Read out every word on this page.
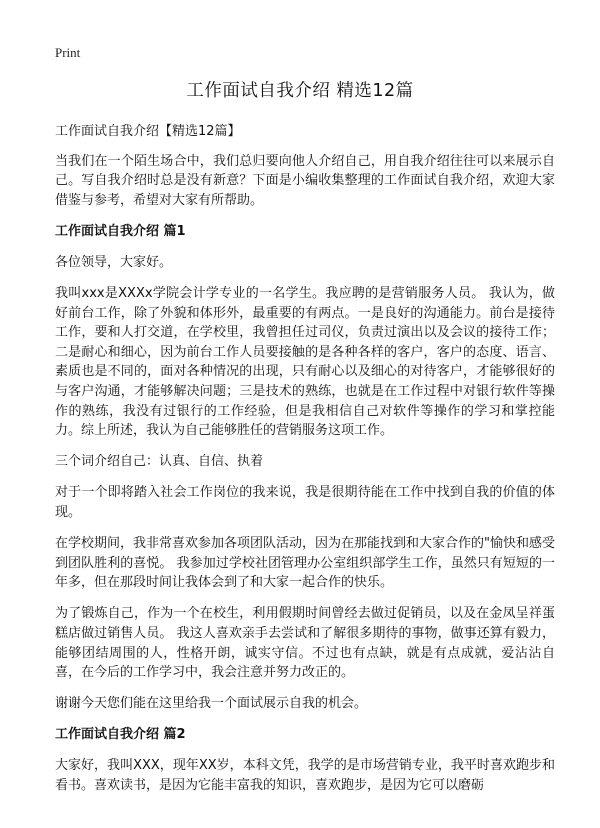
Print
工作面试自我介绍 精选12篇

工作面试自我介绍【精选12篇】

当我们在一个陌生场合中，我们总归要向他人介绍自己，用自我介绍往往可以来展示自己。写自我介绍时总是没有新意？下面是小编收集整理的工作面试自我介绍，欢迎大家借鉴与参考，希望对大家有所帮助。

工作面试自我介绍 篇1

各位领导，大家好。

我叫xxx是XXXx学院会计学专业的一名学生。我应聘的是营销服务人员。 我认为，做好前台工作，除了外貌和体形外，最重要的有两点。一是良好的沟通能力。前台是接待工作，要和人打交道，在学校里，我曾担任过司仪，负责过演出以及会议的接待工作；二是耐心和细心，因为前台工作人员要接触的是各种各样的客户，客户的态度、语言、素质也是不同的，面对各种情况的出现，只有耐心以及细心的对待客户，才能够很好的与客户沟通，才能够解决问题；三是技术的熟练，也就是在工作过程中对银行软件等操作的熟练，我没有过银行的工作经验，但是我相信自己对软件等操作的学习和掌控能力。综上所述，我认为自己能够胜任的营销服务这项工作。

三个词介绍自己：认真、自信、执着

对于一个即将踏入社会工作岗位的我来说，我是很期待能在工作中找到自我的价值的体现。

在学校期间，我非常喜欢参加各项团队活动，因为在那能找到和大家合作的"愉快和感受到团队胜利的喜悦。 我参加过学校社团管理办公室组织部学生工作，虽然只有短短的一年多，但在那段时间让我体会到了和大家一起合作的快乐。

为了锻炼自己，作为一个在校生，利用假期时间曾经去做过促销员，以及在金凤呈祥蛋糕店做过销售人员。 我这人喜欢亲手去尝试和了解很多期待的事物，做事还算有毅力，能够团结周围的人，性格开朗，诚实守信。不过也有点缺，就是有点成就，爱沾沾自喜，在今后的工作学习中，我会注意并努力改正的。

谢谢今天您们能在这里给我一个面试展示自我的机会。

工作面试自我介绍 篇2

大家好，我叫XXX，现年XX岁，本科文凭，我学的是市场营销专业，我平时喜欢跑步和看书。喜欢读书，是因为它能丰富我的知识，喜欢跑步，是因为它可以磨砺
